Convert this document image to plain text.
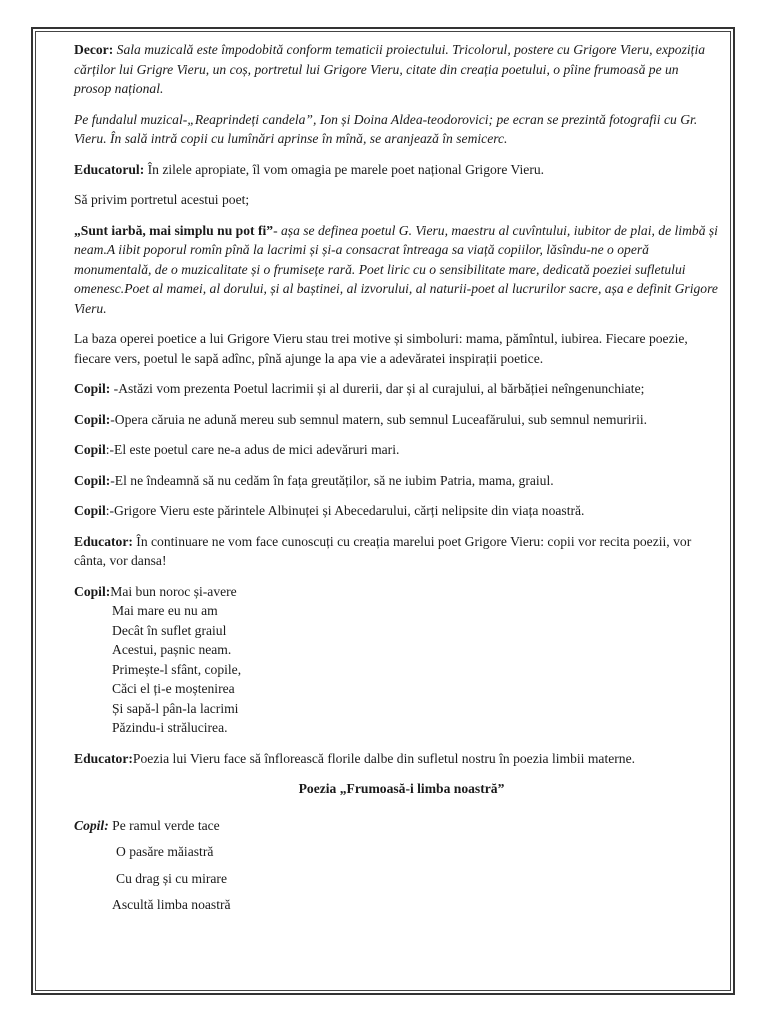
Decor: Sala muzicală este împodobită conform tematicii proiectului. Tricolorul, postere cu Grigore Vieru, expoziția cărților lui Grigre Vieru, un coș, portretul lui Grigore Vieru, citate din creația poetului, o pîine frumoasă pe un prosop național.

Pe fundalul muzical-„Reaprindeți candela”, Ion și Doina Aldea-teodorovici; pe ecran se prezintă fotografii cu Gr. Vieru. În sală intră copii cu lumînări aprinse în mînă, se aranjează în semicerc.

Educatorul: În zilele apropiate, îl vom omagia pe marele poet național Grigore Vieru.

Să privim portretul acestui poet;

„Sunt iarbă, mai simplu nu pot fi”- așa se definea poetul G. Vieru, maestru al cuvîntului, iubitor de plai, de limbă și neam.A iibit poporul romîn pînă la lacrimi și și-a consacrat întreaga sa viață copiilor, lăsîndu-ne o operă monumentală, de o muzicalitate și o frumisețe rară. Poet liric cu o sensibilitate mare, dedicată poeziei sufletului omenesc.Poet al mamei, al dorului, și al baștinei, al izvorului, al naturii-poet al lucrurilor sacre, așa e definit Grigore Vieru.

La baza operei poetice a lui Grigore Vieru stau trei motive și simboluri: mama, pămîntul, iubirea. Fiecare poezie, fiecare vers, poetul le sapă adînc, pînă ajunge la apa vie a adevăratei inspirații poetice.

Copil: -Astăzi vom prezenta Poetul lacrimii și al durerii, dar și al curajului, al bărbăției neîngenunchiate;

Copil:-Opera căruia ne adună mereu sub semnul matern, sub semnul Luceafărului, sub semnul nemuririi.

Copil:-El este poetul care ne-a adus de mici adevăruri mari.

Copil:-El ne îndeamnă să nu cedăm în fața greutăților, să ne iubim Patria, mama, graiul.

Copil:-Grigore Vieru este părintele Albinuței și Abecedarului, cărți nelipsite din viața noastră.

Educator: În continuare ne vom face cunoscuți cu creația marelui poet Grigore Vieru: copii vor recita poezii, vor cânta, vor dansa!

Copil:Mai bun noroc și-avere

Mai mare eu nu am

Decât în suflet graiul

Acestui, pașnic neam.

Primește-l sfânt, copile,

Căci el ți-e moștenirea

Și sapă-l pân-la lacrimi

Păzindu-i strălucirea.

Educator:Poezia lui Vieru face să înflorească florile dalbe din sufletul nostru în poezia limbii materne.

Poezia „Frumoasă-i limba noastră”

Copil: Pe ramul verde tace

O pasăre măiastră

Cu drag și cu mirare

Ascultă limba noastră
